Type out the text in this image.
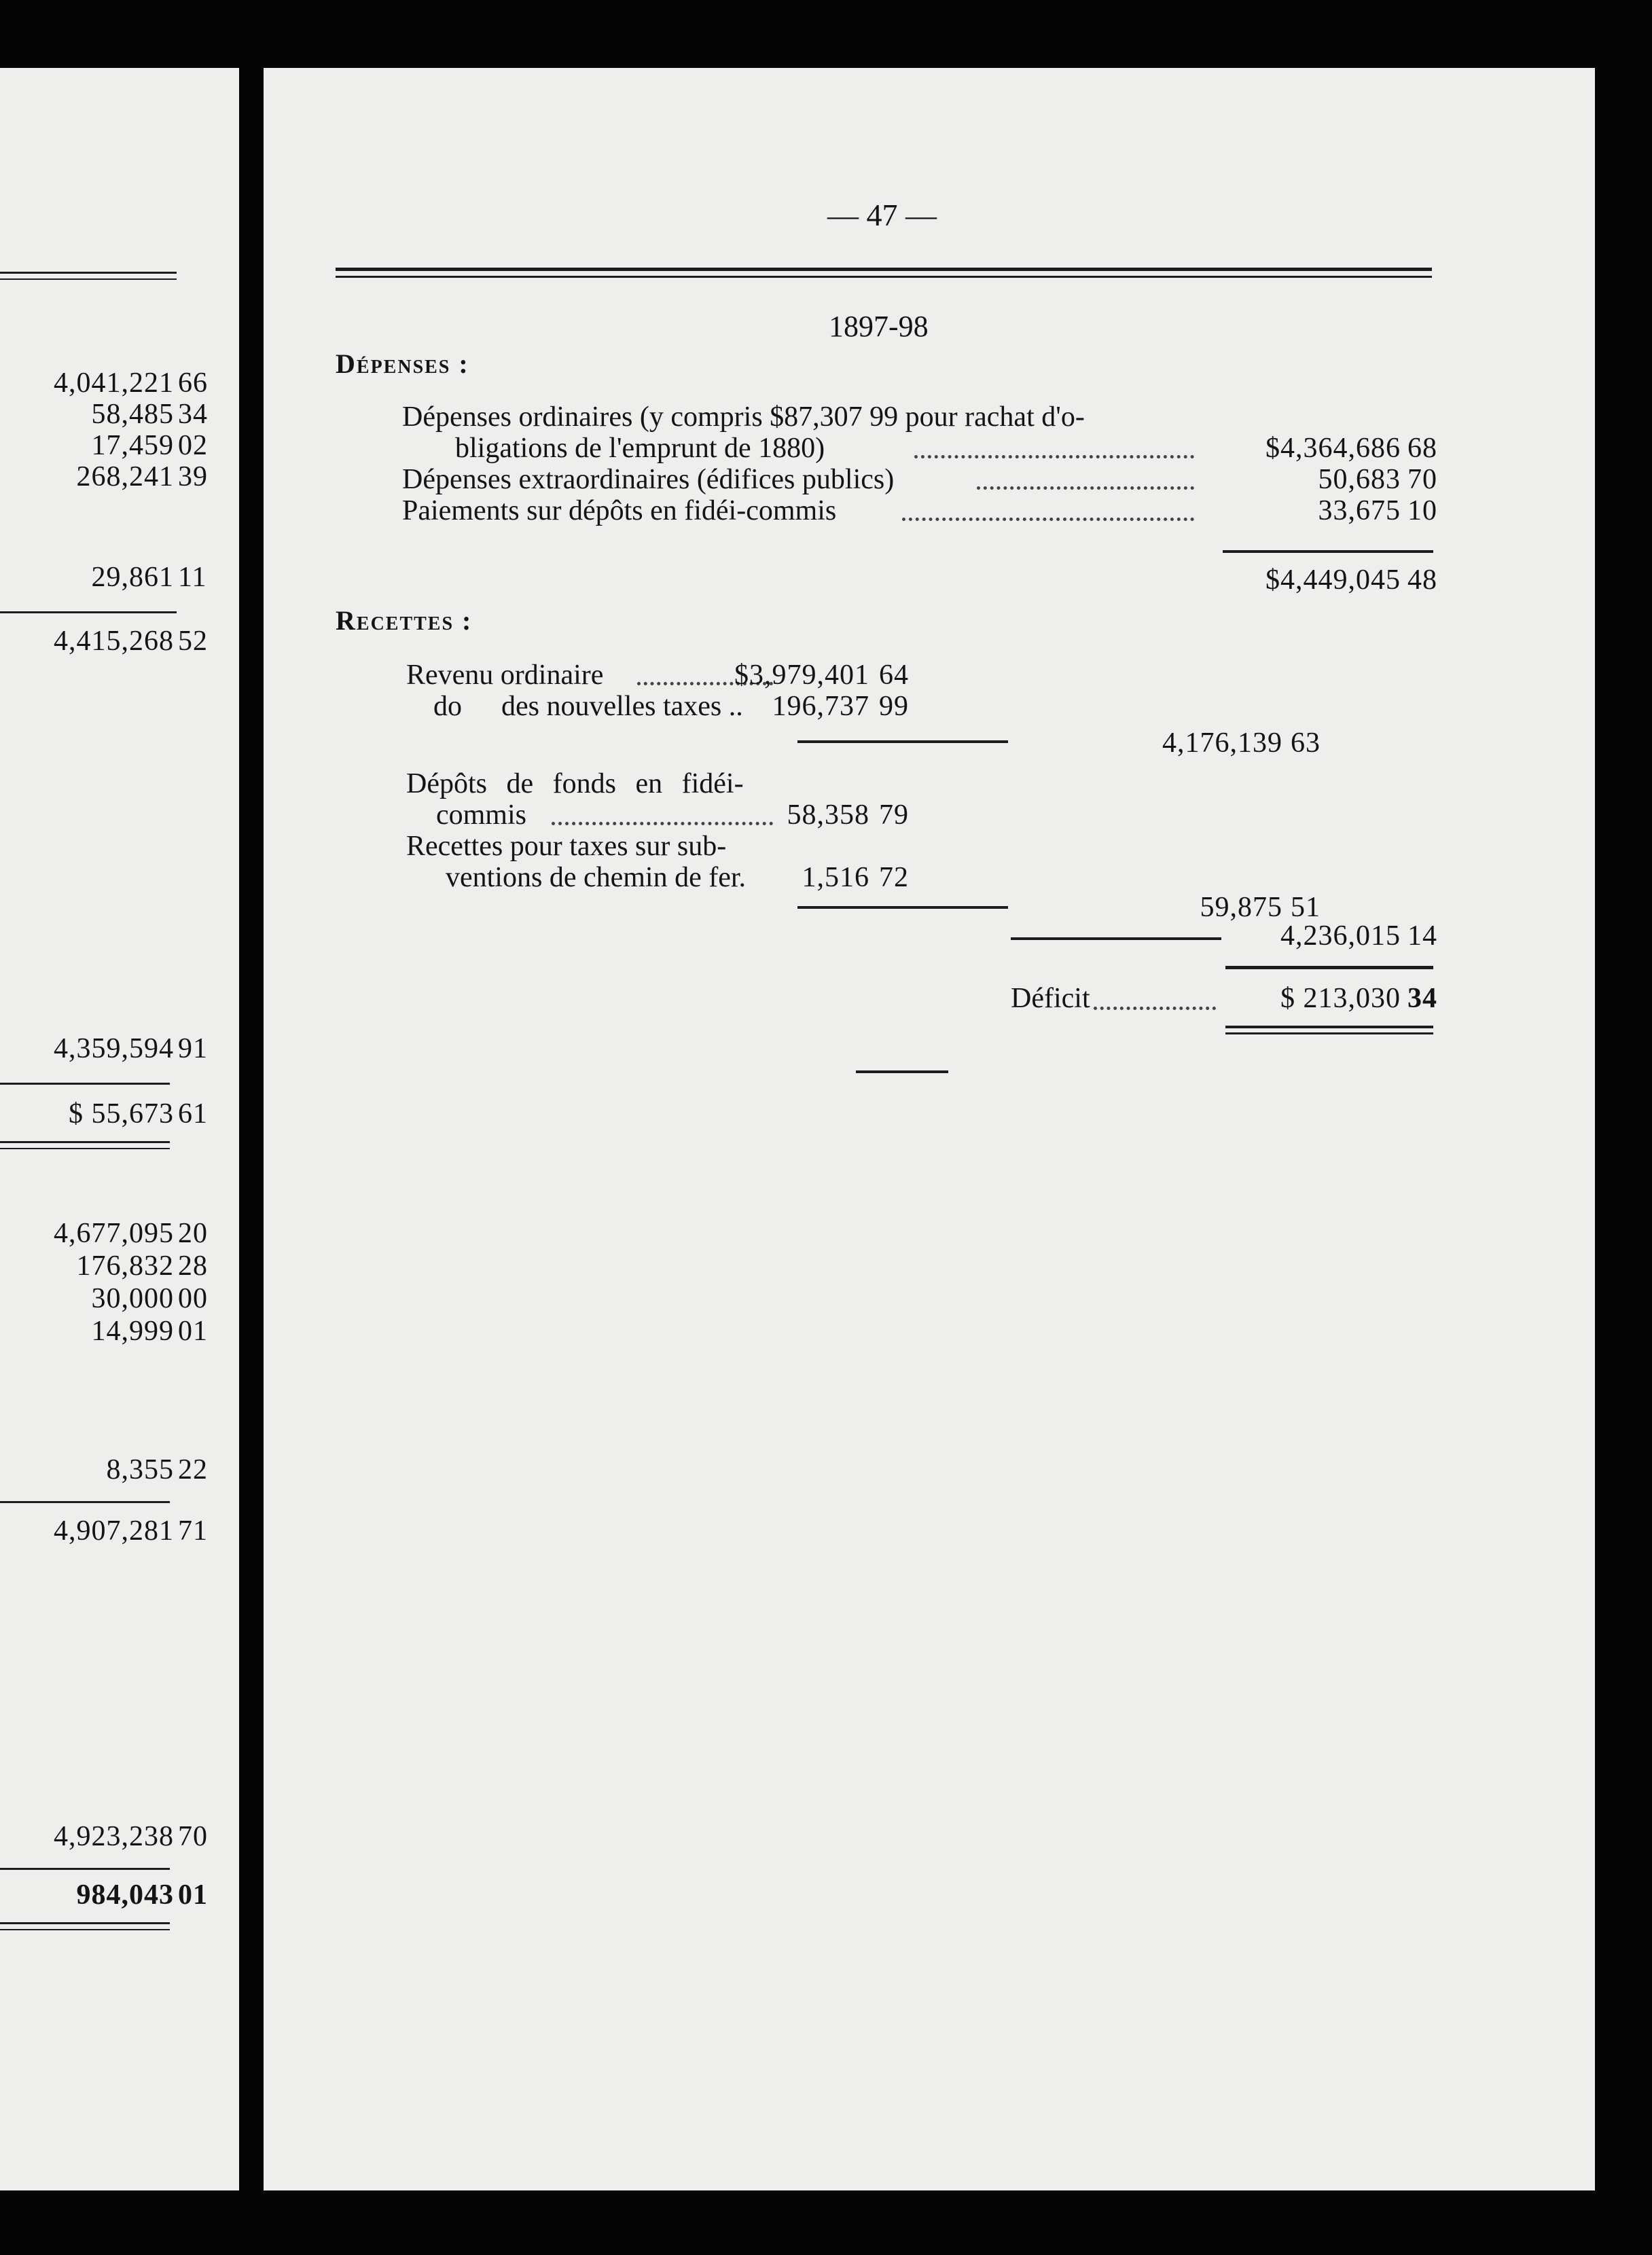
4,041,221 66
58,485 34
17,459 02
268,241 39
29,861 11
4,415,268 52
4,359,594 91
$ 55,673 61
4,677,095 20
176,832 28
30,000 00
14,999 01
8,355 22
4,907,281 71
4,923,238 70
984,043 01
— 47 —
1897-98
Dépenses :
Dépenses ordinaires (y compris $87,307 99 pour rachat d'o-
bligations de l'emprunt de 1880)	$4,364,686 68
Dépenses extraordinaires (édifices publics)	50,683 70
Paiements sur dépôts en fidéi-commis	33,675 10
$4,449,045 48
Recettes :
Revenu ordinaire	$3,979,401 64
do des nouvelles taxes .. 196,737 99
4,176,139 63
Dépôts de fonds en fidéi-
commis	58,358 79
Recettes pour taxes sur sub-
ventions de chemin de fer. 1,516 72
59,875 51
4,236,015 14
Déficit	$ 213,030 34
